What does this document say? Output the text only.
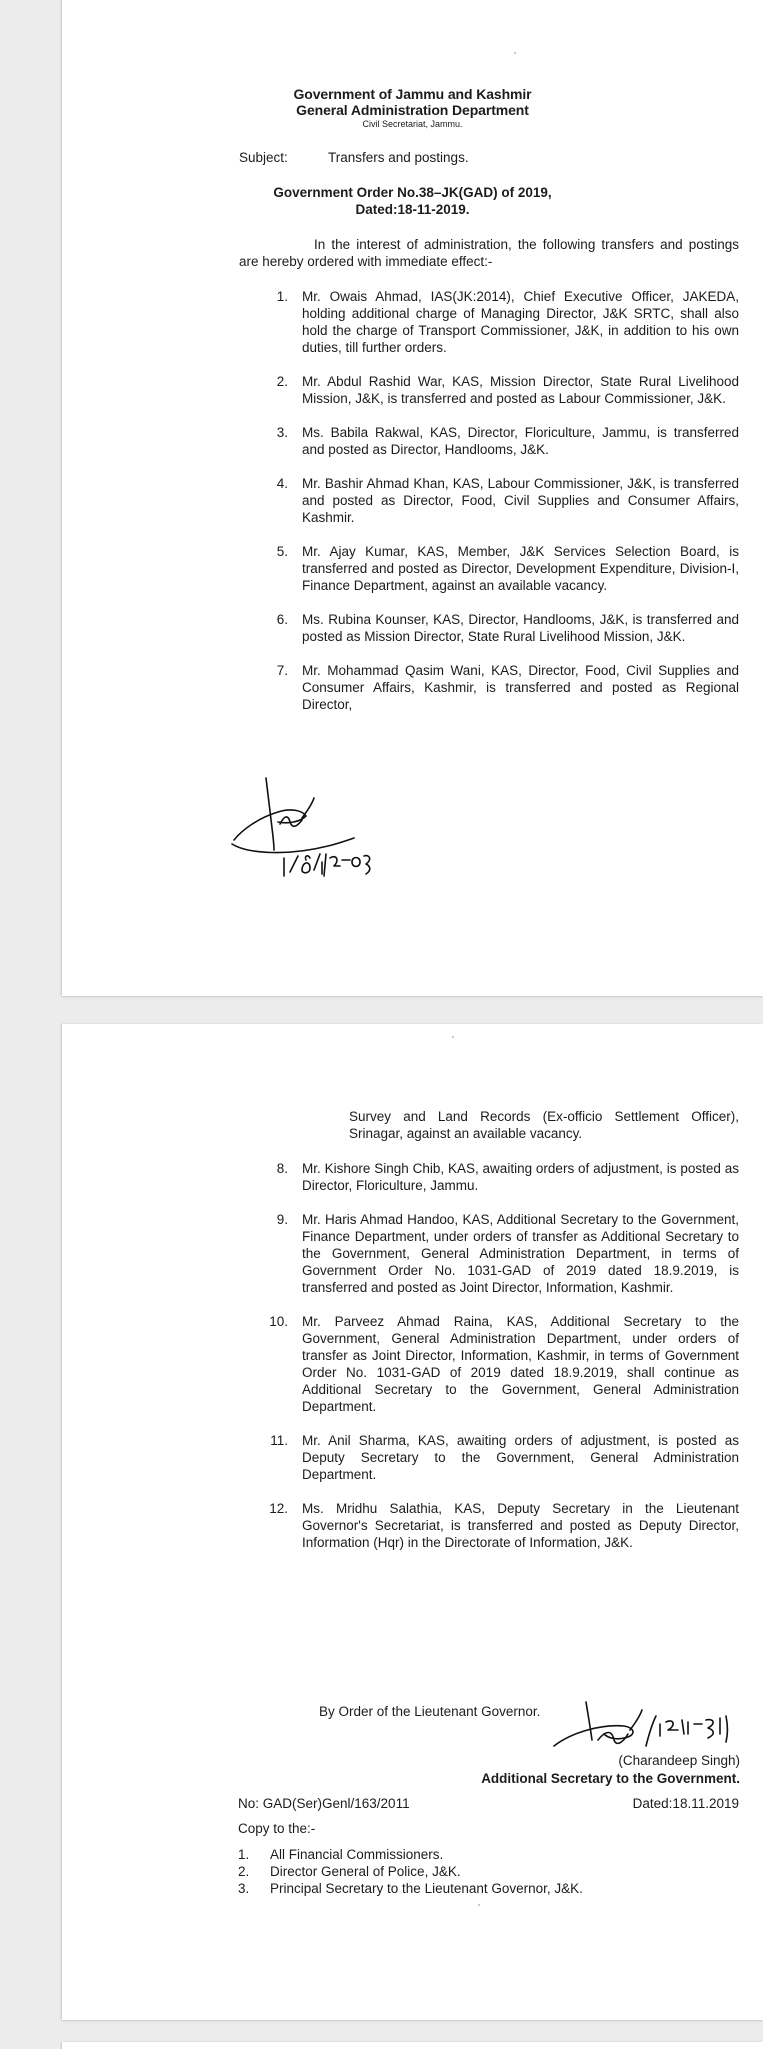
Government of Jammu and Kashmir
General Administration Department
Civil Secretariat, Jammu.
Subject:	Transfers and postings.
Government Order No.38–JK(GAD) of 2019,
Dated:18-11-2019.
In the interest of administration, the following transfers and postings are hereby ordered with immediate effect:-
1.	Mr. Owais Ahmad, IAS(JK:2014), Chief Executive Officer, JAKEDA, holding additional charge of Managing Director, J&K SRTC, shall also hold the charge of Transport Commissioner, J&K, in addition to his own duties, till further orders.
2.	Mr. Abdul Rashid War, KAS, Mission Director, State Rural Livelihood Mission, J&K, is transferred and posted as Labour Commissioner, J&K.
3.	Ms. Babila Rakwal, KAS, Director, Floriculture, Jammu, is transferred and posted as Director, Handlooms, J&K.
4.	Mr. Bashir Ahmad Khan, KAS, Labour Commissioner, J&K, is transferred and posted as Director, Food, Civil Supplies and Consumer Affairs, Kashmir.
5.	Mr. Ajay Kumar, KAS, Member, J&K Services Selection Board, is transferred and posted as Director, Development Expenditure, Division-I, Finance Department, against an available vacancy.
6.	Ms. Rubina Kounser, KAS, Director, Handlooms, J&K, is transferred and posted as Mission Director, State Rural Livelihood Mission, J&K.
7.	Mr. Mohammad Qasim Wani, KAS, Director, Food, Civil Supplies and Consumer Affairs, Kashmir, is transferred and posted as Regional Director,
Survey and Land Records (Ex-officio Settlement Officer), Srinagar, against an available vacancy.
8.	Mr. Kishore Singh Chib, KAS, awaiting orders of adjustment, is posted as Director, Floriculture, Jammu.
9.	Mr. Haris Ahmad Handoo, KAS, Additional Secretary to the Government, Finance Department, under orders of transfer as Additional Secretary to the Government, General Administration Department, in terms of Government Order No. 1031-GAD of 2019 dated 18.9.2019, is transferred and posted as Joint Director, Information, Kashmir.
10.	Mr. Parveez Ahmad Raina, KAS, Additional Secretary to the Government, General Administration Department, under orders of transfer as Joint Director, Information, Kashmir, in terms of Government Order No. 1031-GAD of 2019 dated 18.9.2019, shall continue as Additional Secretary to the Government, General Administration Department.
11.	Mr. Anil Sharma, KAS, awaiting orders of adjustment, is posted as Deputy Secretary to the Government, General Administration Department.
12.	Ms. Mridhu Salathia, KAS, Deputy Secretary in the Lieutenant Governor's Secretariat, is transferred and posted as Deputy Director, Information (Hqr) in the Directorate of Information, J&K.
By Order of the Lieutenant Governor.
(Charandeep Singh)
Additional Secretary to the Government.
No: GAD(Ser)Genl/163/2011	Dated:18.11.2019
Copy to the:-
1. All Financial Commissioners.
2. Director General of Police, J&K.
3. Principal Secretary to the Lieutenant Governor, J&K.
